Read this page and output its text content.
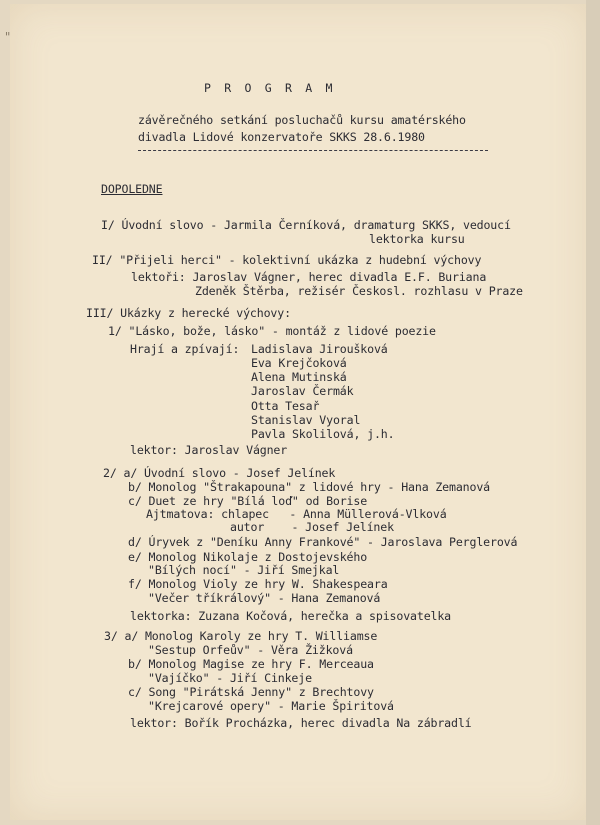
"
P R O G R A M
závěrečného setkání posluchačů kursu amatérského
divadla Lidové konzervatoře SKKS 28.6.1980
DOPOLEDNE
I/ Úvodní slovo - Jarmila Černíková, dramaturg SKKS, vedoucí
lektorka kursu
II/ "Přijeli herci" - kolektivní ukázka z hudební výchovy
lektoři: Jaroslav Vágner, herec divadla E.F. Buriana
Zdeněk Štěrba, režisér Českosl. rozhlasu v Praze
III/ Ukázky z herecké výchovy:
1/ "Lásko, bože, lásko" - montáž z lidové poezie
Hrají a zpívají: Ladislava Jiroušková
Eva Krejčoková
Alena Mutinská
Jaroslav Čermák
Otta Tesař
Stanislav Vyoral
Pavla Skolilová, j.h.
lektor: Jaroslav Vágner
2/ a/ Úvodní slovo - Josef Jelínek
b/ Monolog "Štrakapouna" z lidové hry - Hana Zemanová
c/ Duet ze hry "Bílá loď" od Borise
Ajtmatova: chlapec   - Anna Müllerová-Vlková
autor    - Josef Jelínek
d/ Úryvek z "Deníku Anny Frankové" - Jaroslava Perglerová
e/ Monolog Nikolaje z Dostojevského
"Bílých nocí" - Jiří Smejkal
f/ Monolog Violy ze hry W. Shakespeara
"Večer tříkrálový" - Hana Zemanová
lektorka: Zuzana Kočová, herečka a spisovatelka
3/ a/ Monolog Karoly ze hry T. Williamse
"Sestup Orfeův" - Věra Žižková
b/ Monolog Magise ze hry F. Merceaua
"Vajíčko" - Jiří Cinkeje
c/ Song "Pirátská Jenny" z Brechtovy
"Krejcarové opery" - Marie Špiritová
lektor: Bořík Procházka, herec divadla Na zábradlí
